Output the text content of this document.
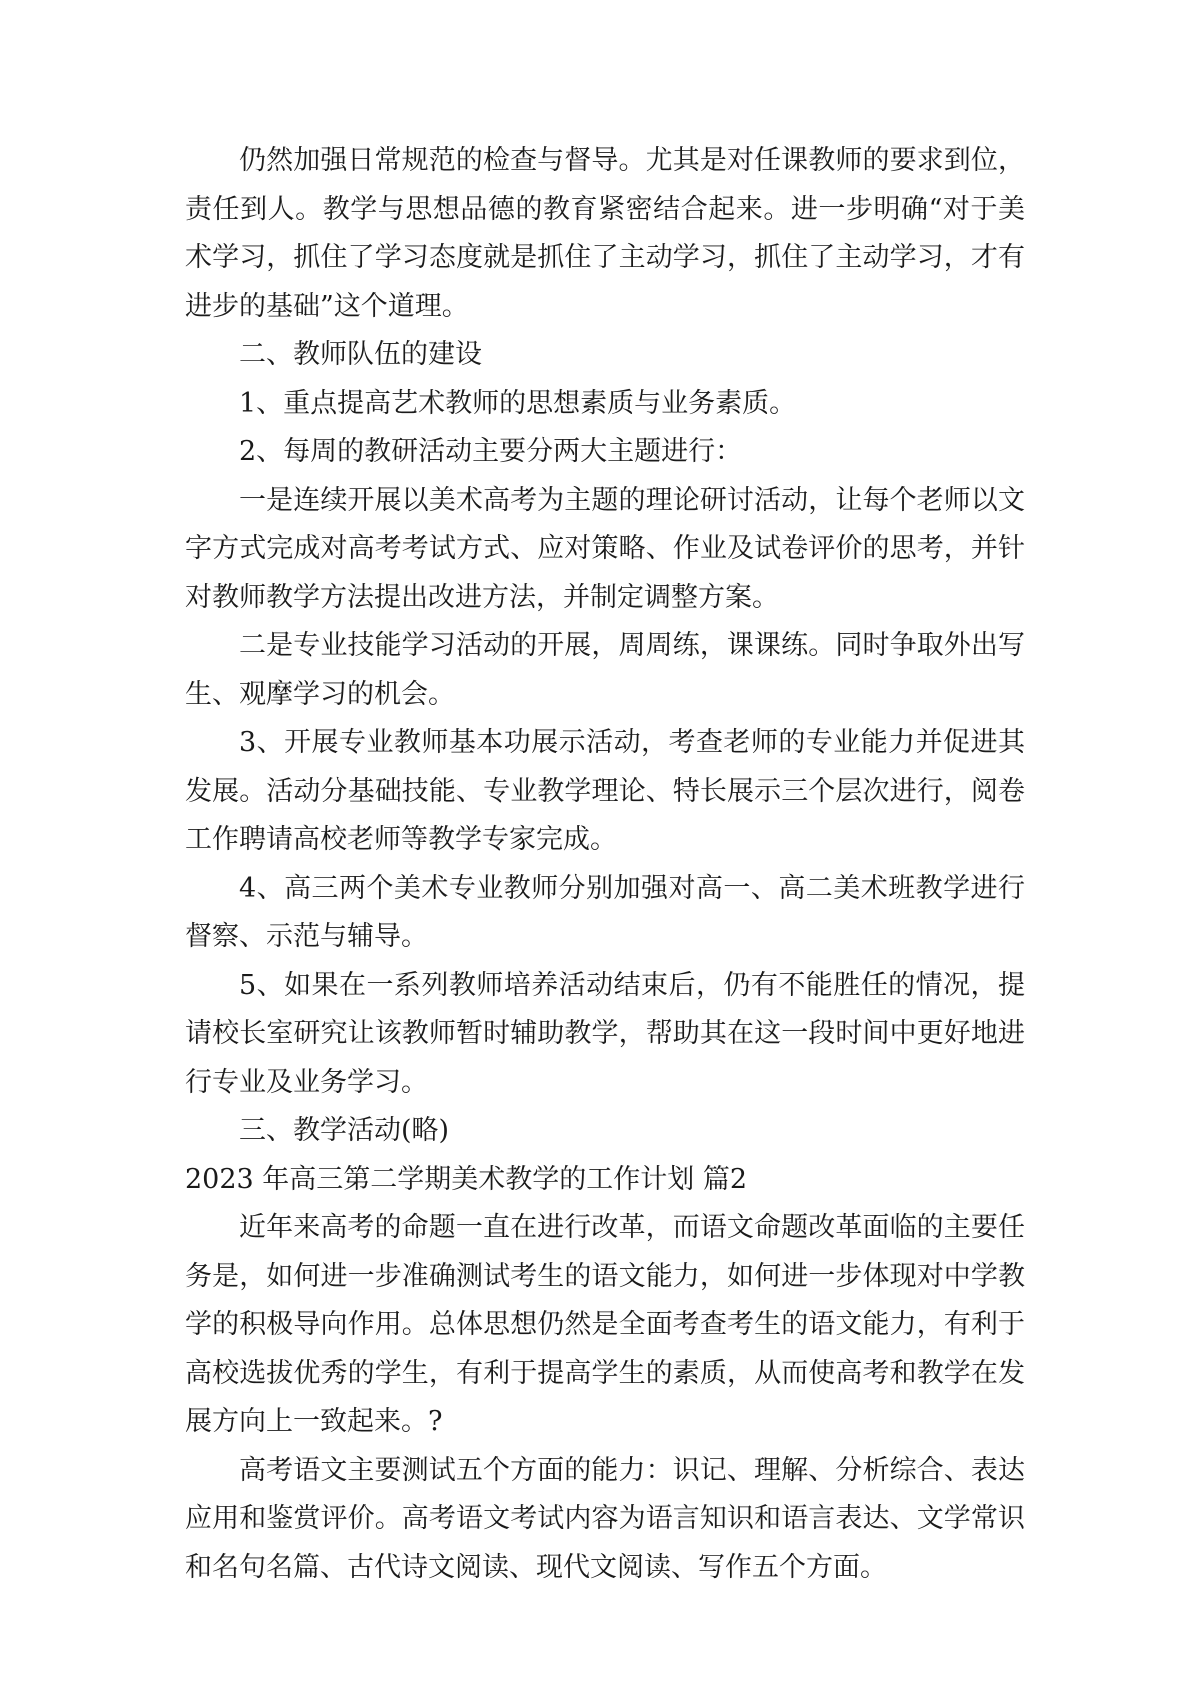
仍然加强日常规范的检查与督导。尤其是对任课教师的要求到位，责任到人。教学与思想品德的教育紧密结合起来。进一步明确“对于美术学习，抓住了学习态度就是抓住了主动学习，抓住了主动学习，才有进步的基础”这个道理。

二、教师队伍的建设

1、重点提高艺术教师的思想素质与业务素质。

2、每周的教研活动主要分两大主题进行：

一是连续开展以美术高考为主题的理论研讨活动，让每个老师以文字方式完成对高考考试方式、应对策略、作业及试卷评价的思考，并针对教师教学方法提出改进方法，并制定调整方案。

二是专业技能学习活动的开展，周周练，课课练。同时争取外出写生、观摩学习的机会。

3、开展专业教师基本功展示活动，考查老师的专业能力并促进其发展。活动分基础技能、专业教学理论、特长展示三个层次进行，阅卷工作聘请高校老师等教学专家完成。

4、高三两个美术专业教师分别加强对高一、高二美术班教学进行督察、示范与辅导。

5、如果在一系列教师培养活动结束后，仍有不能胜任的情况，提请校长室研究让该教师暂时辅助教学，帮助其在这一段时间中更好地进行专业及业务学习。

三、教学活动(略)

2023 年高三第二学期美术教学的工作计划 篇2

近年来高考的命题一直在进行改革，而语文命题改革面临的主要任务是，如何进一步准确测试考生的语文能力，如何进一步体现对中学教学的积极导向作用。总体思想仍然是全面考查考生的语文能力，有利于高校选拔优秀的学生，有利于提高学生的素质，从而使高考和教学在发展方向上一致起来。?

高考语文主要测试五个方面的能力：识记、理解、分析综合、表达应用和鉴赏评价。高考语文考试内容为语言知识和语言表达、文学常识和名句名篇、古代诗文阅读、现代文阅读、写作五个方面。
